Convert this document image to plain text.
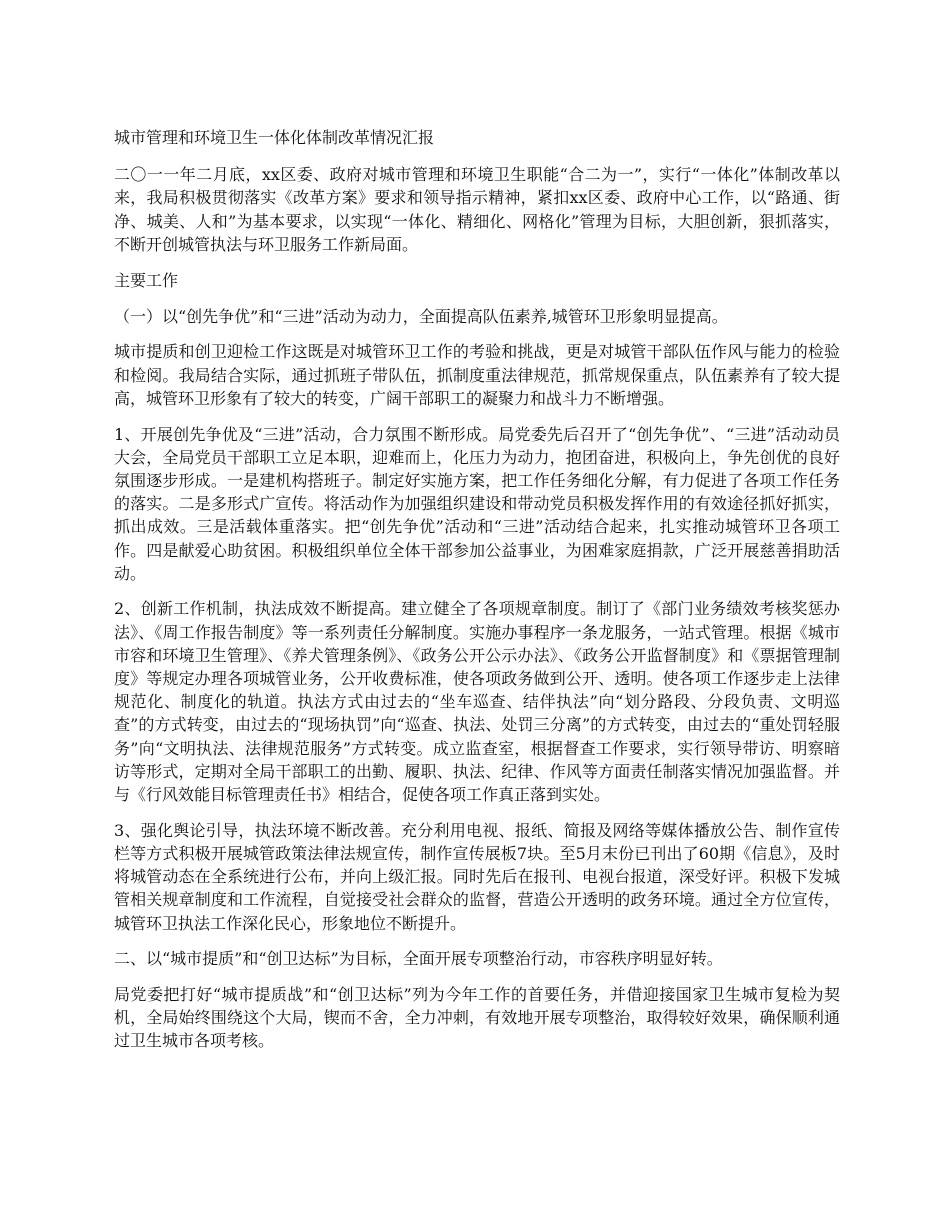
城市管理和环境卫生一体化体制改革情况汇报

二〇一一年二月底，xx区委、政府对城市管理和环境卫生职能“合二为一”，实行“一体化”体制改革以来，我局积极贯彻落实《改革方案》要求和领导指示精神，紧扣xx区委、政府中心工作，以“路通、街净、城美、人和”为基本要求，以实现“一体化、精细化、网格化”管理为目标，大胆创新，狠抓落实，不断开创城管执法与环卫服务工作新局面。

主要工作

（一）以“创先争优”和“三进”活动为动力，全面提高队伍素养,城管环卫形象明显提高。

城市提质和创卫迎检工作这既是对城管环卫工作的考验和挑战，更是对城管干部队伍作风与能力的检验和检阅。我局结合实际，通过抓班子带队伍，抓制度重法律规范，抓常规保重点，队伍素养有了较大提高，城管环卫形象有了较大的转变，广阔干部职工的凝聚力和战斗力不断增强。

1、开展创先争优及“三进”活动，合力氛围不断形成。局党委先后召开了“创先争优”、“三进”活动动员大会，全局党员干部职工立足本职，迎难而上，化压力为动力，抱团奋进，积极向上，争先创优的良好氛围逐步形成。一是建机构搭班子。制定好实施方案，把工作任务细化分解，有力促进了各项工作任务的落实。二是多形式广宣传。将活动作为加强组织建设和带动党员积极发挥作用的有效途径抓好抓实，抓出成效。三是活载体重落实。把“创先争优”活动和“三进”活动结合起来，扎实推动城管环卫各项工作。四是献爱心助贫困。积极组织单位全体干部参加公益事业，为困难家庭捐款，广泛开展慈善捐助活动。

2、创新工作机制，执法成效不断提高。建立健全了各项规章制度。制订了《部门业务绩效考核奖惩办法》、《周工作报告制度》等一系列责任分解制度。实施办事程序一条龙服务，一站式管理。根据《城市市容和环境卫生管理》、《养犬管理条例》、《政务公开公示办法》、《政务公开监督制度》和《票据管理制度》等规定办理各项城管业务，公开收费标准，使各项政务做到公开、透明。使各项工作逐步走上法律规范化、制度化的轨道。执法方式由过去的“坐车巡查、结伴执法”向“划分路段、分段负责、文明巡查”的方式转变，由过去的“现场执罚”向“巡查、执法、处罚三分离”的方式转变，由过去的“重处罚轻服务”向“文明执法、法律规范服务”方式转变。成立监查室，根据督查工作要求，实行领导带访、明察暗访等形式，定期对全局干部职工的出勤、履职、执法、纪律、作风等方面责任制落实情况加强监督。并与《行风效能目标管理责任书》相结合，促使各项工作真正落到实处。

3、强化舆论引导，执法环境不断改善。充分利用电视、报纸、简报及网络等媒体播放公告、制作宣传栏等方式积极开展城管政策法律法规宣传，制作宣传展板7块。至5月末份已刊出了60期《信息》，及时将城管动态在全系统进行公布，并向上级汇报。同时先后在报刊、电视台报道，深受好评。积极下发城管相关规章制度和工作流程，自觉接受社会群众的监督，营造公开透明的政务环境。通过全方位宣传，城管环卫执法工作深化民心，形象地位不断提升。

二、以“城市提质”和“创卫达标”为目标，全面开展专项整治行动，市容秩序明显好转。

局党委把打好“城市提质战”和“创卫达标”列为今年工作的首要任务，并借迎接国家卫生城市复检为契机，全局始终围绕这个大局，锲而不舍，全力冲刺，有效地开展专项整治，取得较好效果，确保顺利通过卫生城市各项考核。
